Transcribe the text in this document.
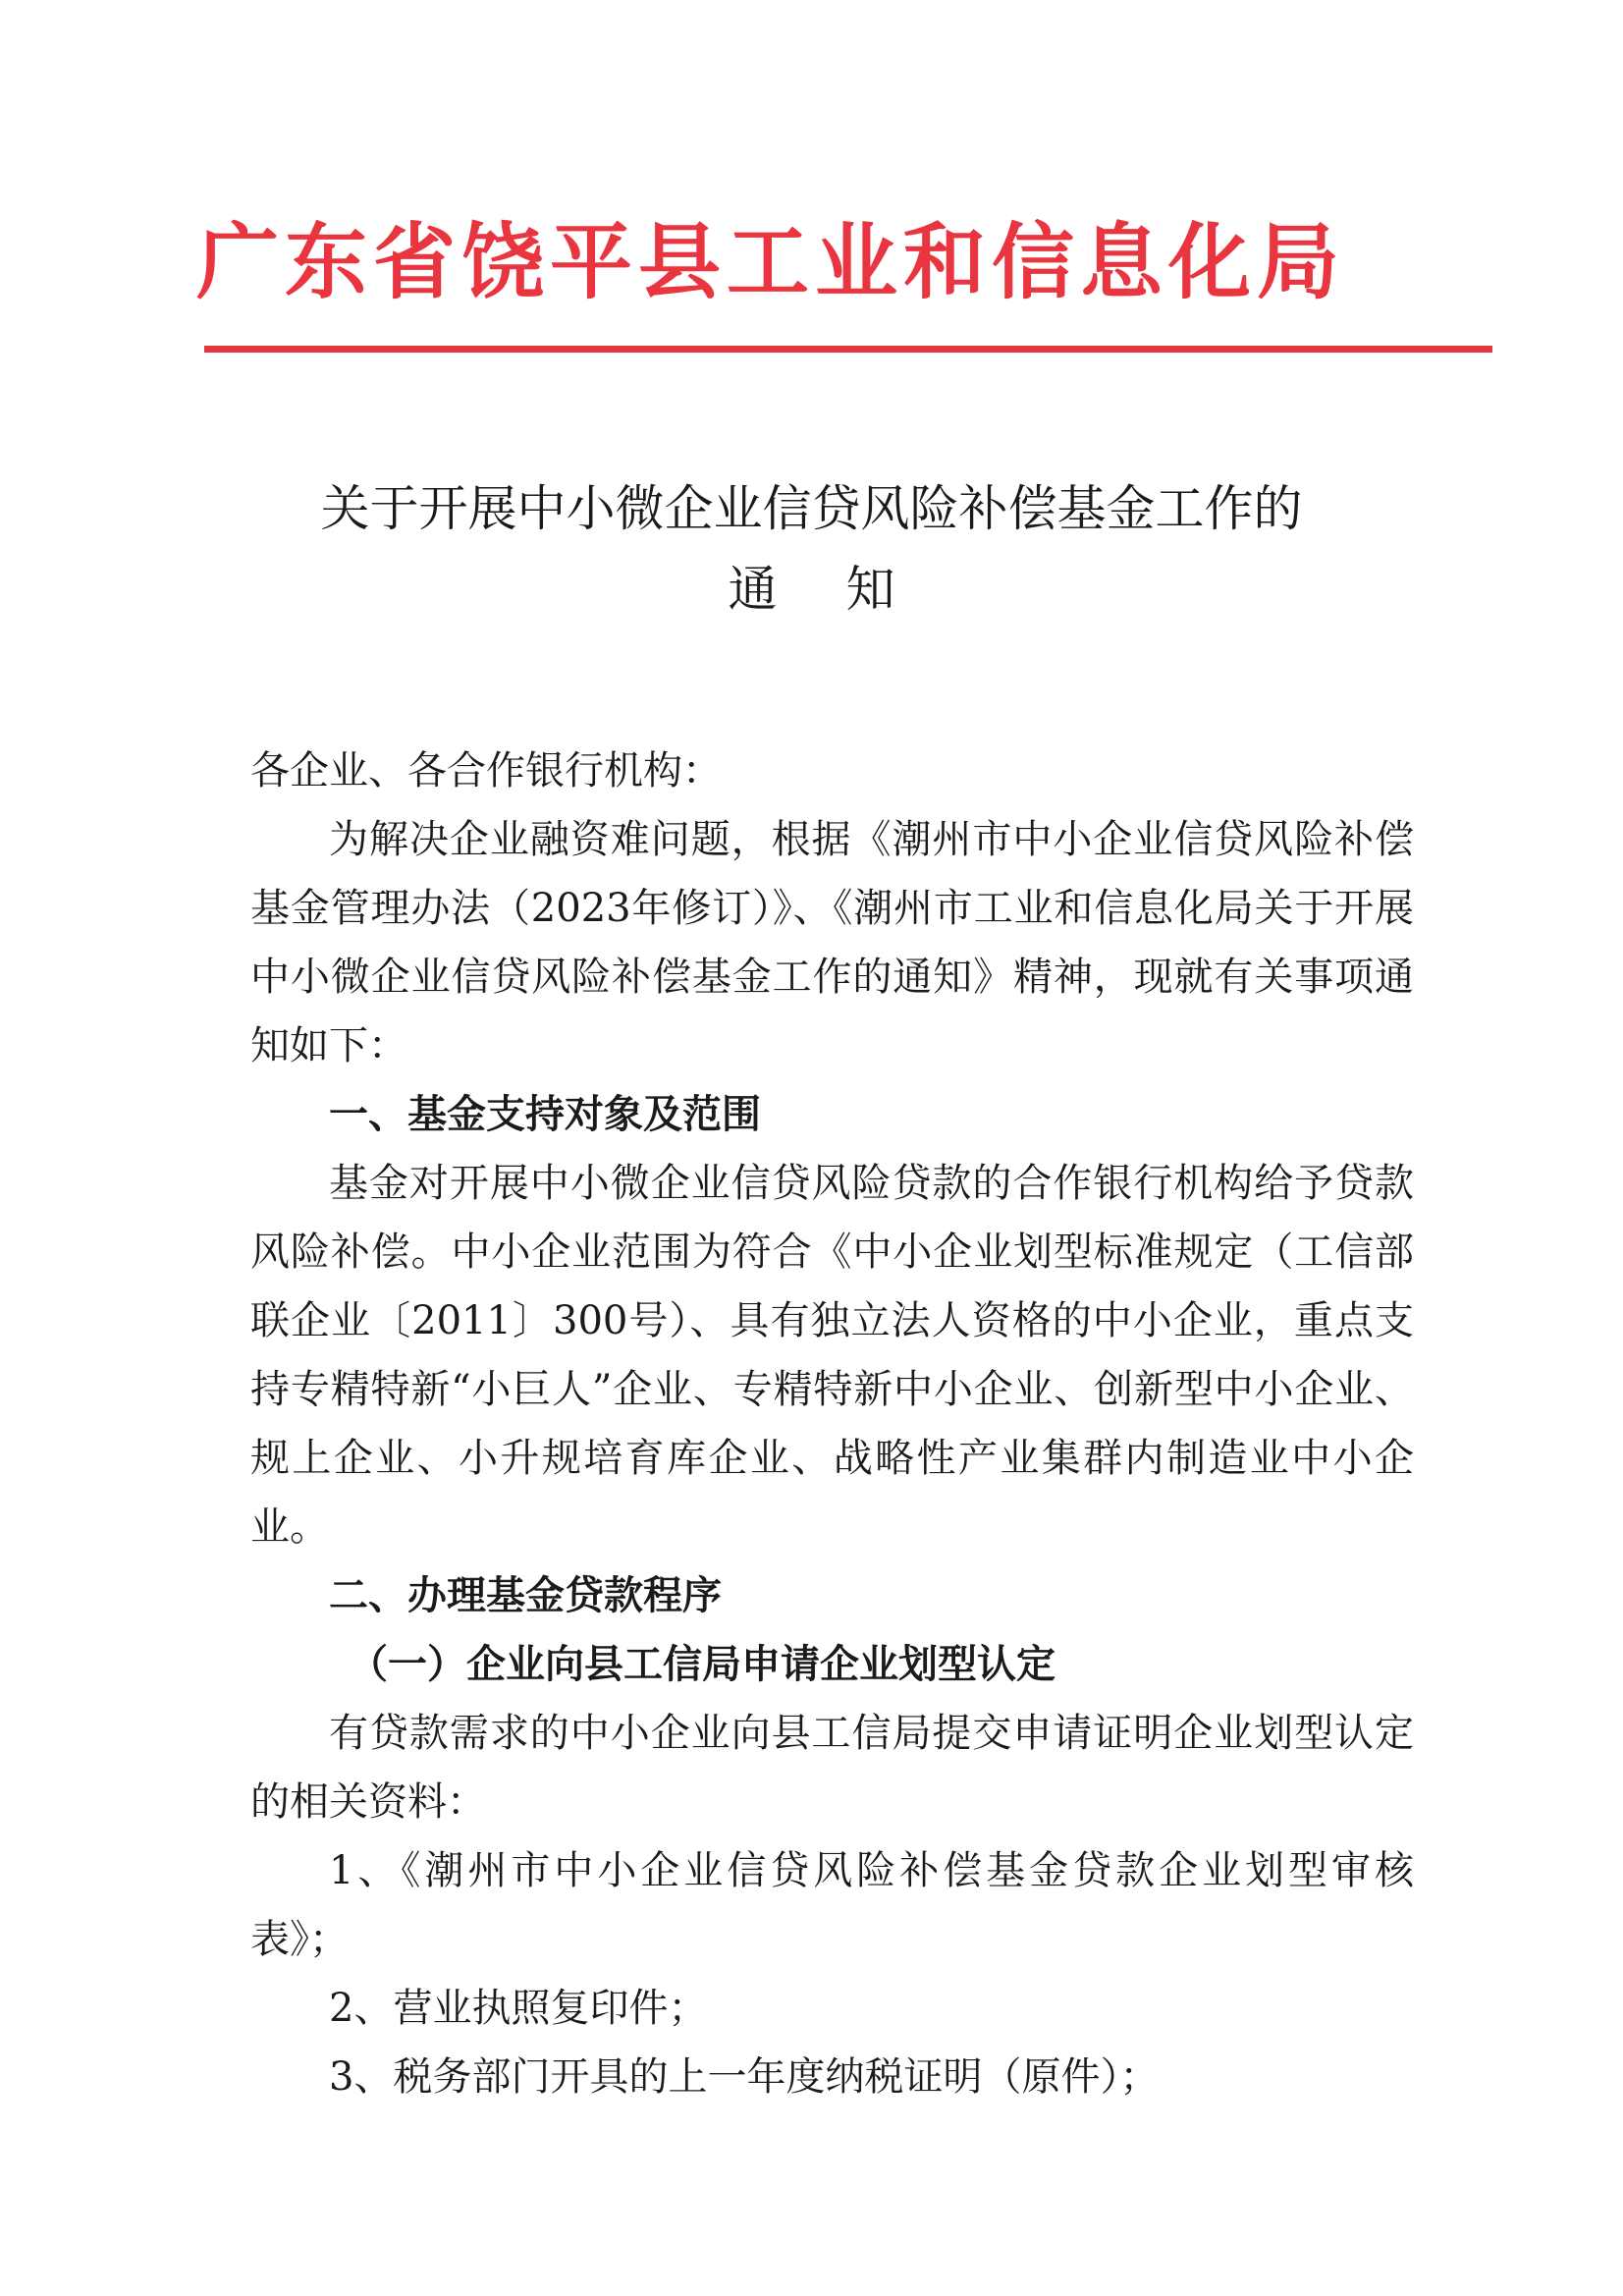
广东省饶平县工业和信息化局
关于开展中小微企业信贷风险补偿基金工作的
通知

各企业、各合作银行机构：

为解决企业融资难问题，根据《潮州市中小企业信贷风险补偿基金管理办法（2023年修订）》、《潮州市工业和信息化局关于开展中小微企业信贷风险补偿基金工作的通知》精神，现就有关事项通知如下：

一、基金支持对象及范围

基金对开展中小微企业信贷风险贷款的合作银行机构给予贷款风险补偿。中小企业范围为符合《中小企业划型标准规定（工信部联企业〔2011〕300号）、具有独立法人资格的中小企业，重点支持专精特新“小巨人”企业、专精特新中小企业、创新型中小企业、规上企业、小升规培育库企业、战略性产业集群内制造业中小企业。

二、办理基金贷款程序

（一）企业向县工信局申请企业划型认定

有贷款需求的中小企业向县工信局提交申请证明企业划型认定的相关资料：

1、《潮州市中小企业信贷风险补偿基金贷款企业划型审核表》；

2、营业执照复印件；

3、税务部门开具的上一年度纳税证明（原件）；
